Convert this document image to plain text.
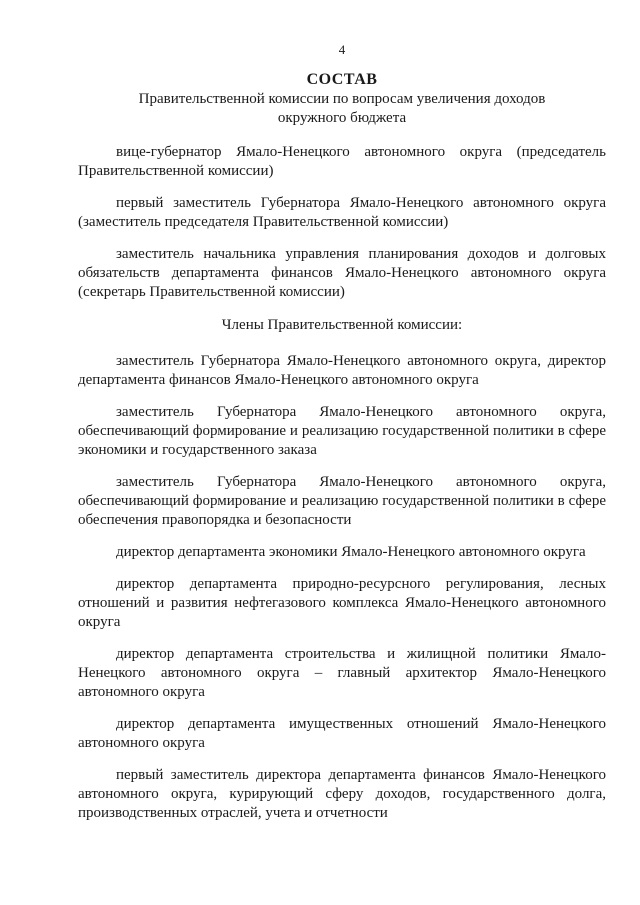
4
СОСТАВ
Правительственной комиссии по вопросам увеличения доходов окружного бюджета

вице-губернатор Ямало-Ненецкого автономного округа (председатель Правительственной комиссии)

первый заместитель Губернатора Ямало-Ненецкого автономного округа (заместитель председателя Правительственной комиссии)

заместитель начальника управления планирования доходов и долговых обязательств департамента финансов Ямало-Ненецкого автономного округа (секретарь Правительственной комиссии)

Члены Правительственной комиссии:

заместитель Губернатора Ямало-Ненецкого автономного округа, директор департамента финансов Ямало-Ненецкого автономного округа

заместитель Губернатора Ямало-Ненецкого автономного округа, обеспечивающий формирование и реализацию государственной политики в сфере экономики и государственного заказа

заместитель Губернатора Ямало-Ненецкого автономного округа, обеспечивающий формирование и реализацию государственной политики в сфере обеспечения правопорядка и безопасности

директор департамента экономики Ямало-Ненецкого автономного округа

директор департамента природно-ресурсного регулирования, лесных отношений и развития нефтегазового комплекса Ямало-Ненецкого автономного округа

директор департамента строительства и жилищной политики Ямало-Ненецкого автономного округа – главный архитектор Ямало-Ненецкого автономного округа

директор департамента имущественных отношений Ямало-Ненецкого автономного округа

первый заместитель директора департамента финансов Ямало-Ненецкого автономного округа, курирующий сферу доходов, государственного долга, производственных отраслей, учета и отчетности
